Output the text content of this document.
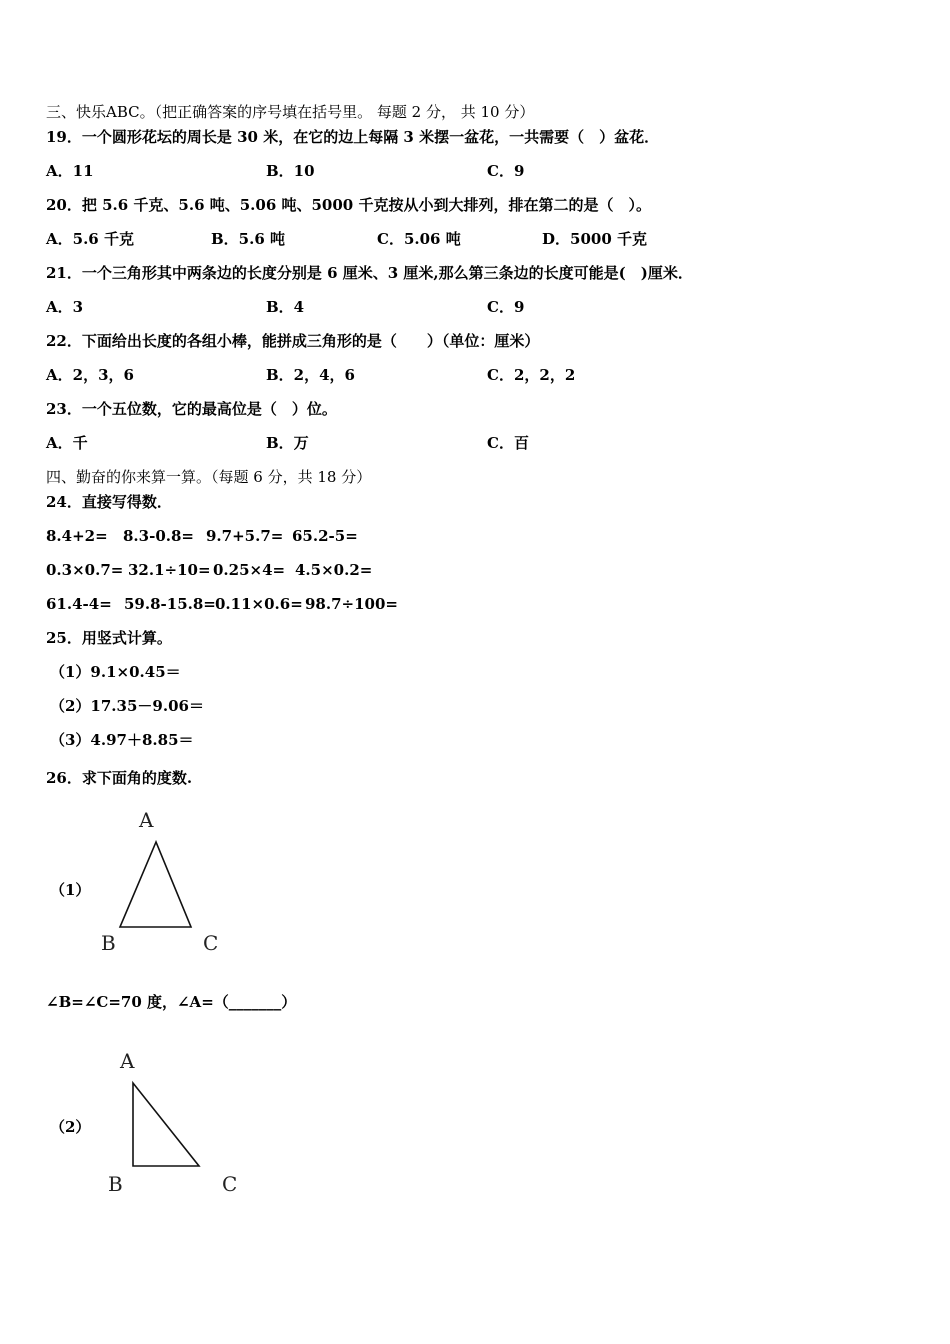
三、快乐ABC。（把正确答案的序号填在括号里。 每题 2 分， 共 10 分）
19．一个圆形花坛的周长是 30 米，在它的边上每隔 3 米摆一盆花，一共需要（　）盆花．
A．11	B．10	C．9
20．把 5.6 千克、5.6 吨、5.06 吨、5000 千克按从小到大排列，排在第二的是（　）。
A．5.6 千克	B．5.6 吨	C．5.06 吨	D．5000 千克
21．一个三角形其中两条边的长度分别是 6 厘米、3 厘米,那么第三条边的长度可能是(　)厘米．
A．3	B．4	C．9
22．下面给出长度的各组小棒，能拼成三角形的是（　　）（单位：厘米）
A．2，3，6	B．2，4，6	C．2，2，2
23．一个五位数，它的最高位是（　）位。
A．千	B．万	C．百
四、勤奋的你来算一算。（每题 6 分，共 18 分）
24．直接写得数．
8.4+2= 8.3-0.8= 9.7+5.7= 65.2-5=
0.3×0.7= 32.1÷10= 0.25×4= 4.5×0.2=
61.4-4= 59.8-15.8= 0.11×0.6= 98.7÷100=
25．用竖式计算。
（1）9.1×0.45＝
（2）17.35－9.06＝
（3）4.97＋8.85＝
26．求下面角的度数.
（1）
A
B	C
∠B=∠C=70 度，∠A=（_______）
（2）
A
B	C
